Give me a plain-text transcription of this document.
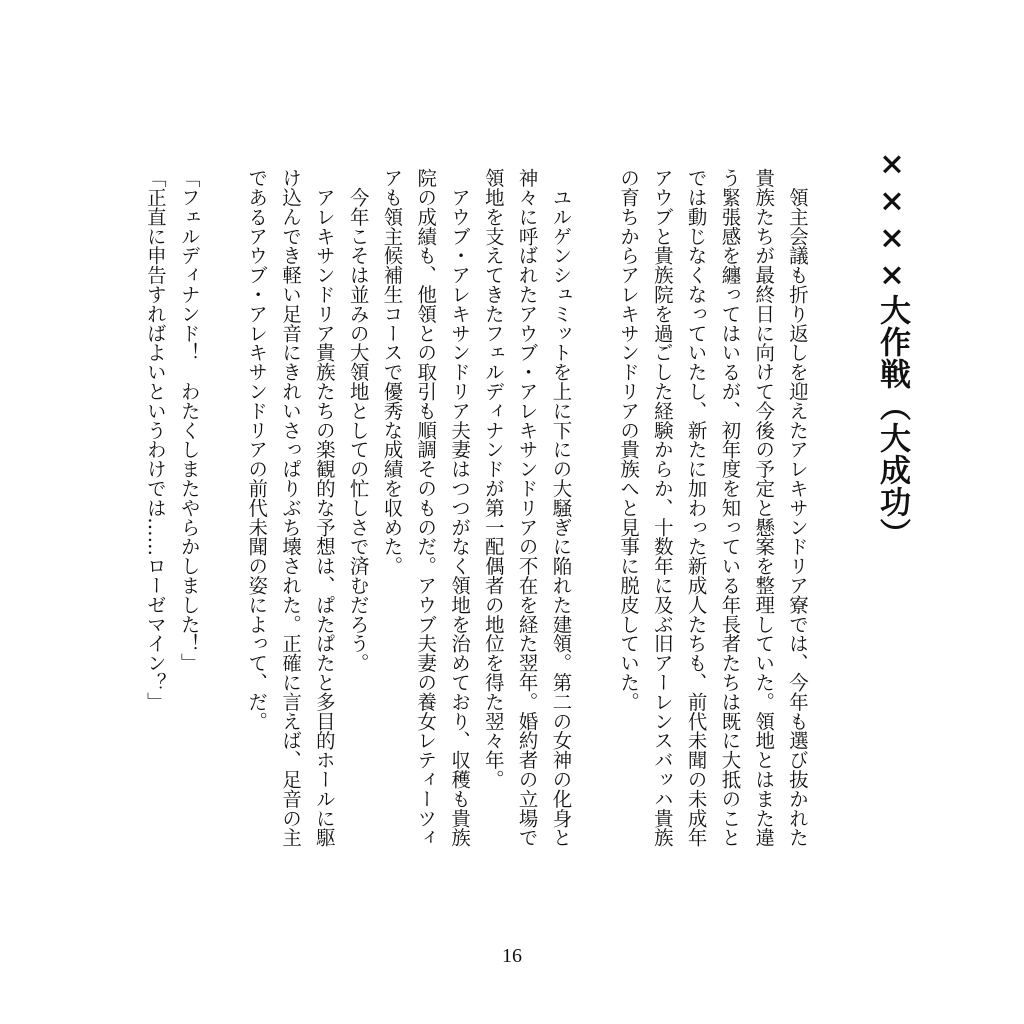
××××大作戦（大成功）

　領主会議も折り返しを迎えたアレキサンドリア寮では、今年も選び抜かれた

貴族たちが最終日に向けて今後の予定と懸案を整理していた。領地とはまた違

う緊張感を纏ってはいるが、初年度を知っている年長者たちは既に大抵のこと

では動じなくなっていたし、新たに加わった新成人たちも、前代未聞の未成年

アウブと貴族院を過ごした経験からか、十数年に及ぶ旧アーレンスバッハ貴族

の育ちからアレキサンドリアの貴族へと見事に脱皮していた。

　ユルゲンシュミットを上に下にの大騒ぎに陥れた建領。第二の女神の化身と

神々に呼ばれたアウブ・アレキサンドリアの不在を経た翌年。婚約者の立場で

領地を支えてきたフェルディナンドが第一配偶者の地位を得た翌々年。

　アウブ・アレキサンドリア夫妻はつつがなく領地を治めており、収穫も貴族

院の成績も、他領との取引も順調そのものだ。アウブ夫妻の養女レティーツィ

アも領主候補生コースで優秀な成績を収めた。

　今年こそは並みの大領地としての忙しさで済むだろう。

　アレキサンドリア貴族たちの楽観的な予想は、ぱたぱたと多目的ホールに駆

け込んでき軽い足音にきれいさっぱりぶち壊された。正確に言えば、足音の主

であるアウブ・アレキサンドリアの前代未聞の姿によって、だ。

「フェルディナンド！　わたくしまたやらかしました！」

「正直に申告すればよいというわけでは……ローゼマイン？」

16
